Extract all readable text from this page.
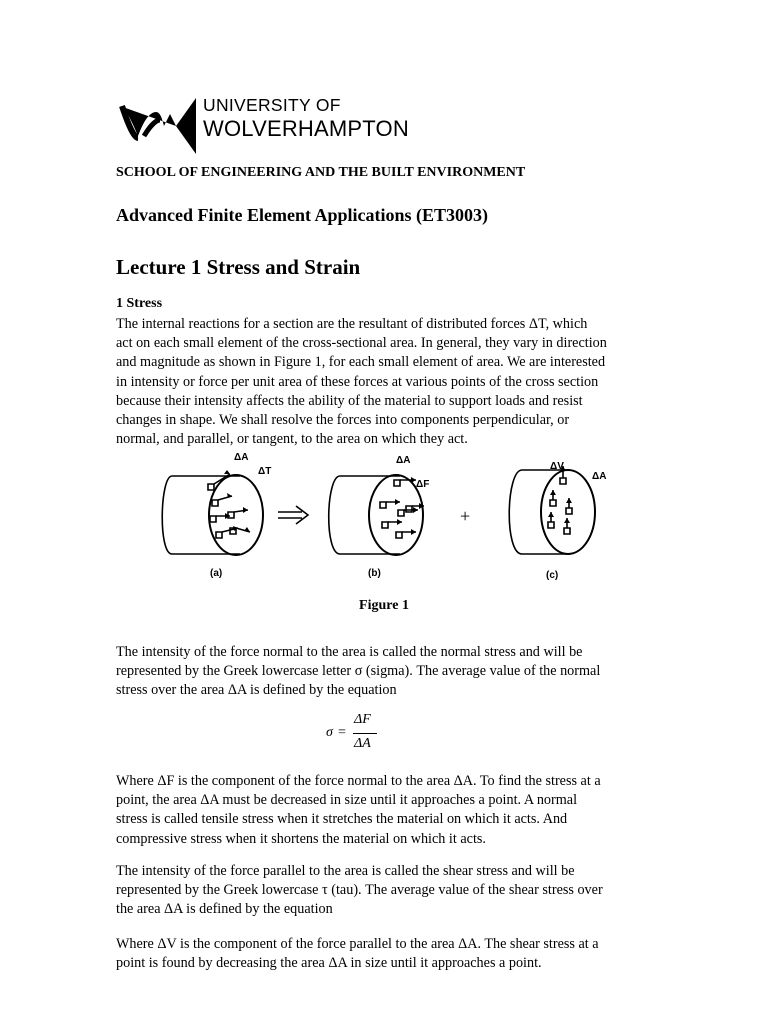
UNIVERSITY OF
WOLVERHAMPTON
SCHOOL OF ENGINEERING AND THE BUILT ENVIRONMENT
Advanced Finite Element Applications (ET3003)
Lecture 1 Stress and Strain
1 Stress
The internal reactions for a section are the resultant of distributed forces ΔT, which
act on each small element of the cross-sectional area. In general, they vary in direction
and magnitude as shown in Figure 1, for each small element of area. We are interested
in intensity or force per unit area of these forces at various points of the cross section
because their intensity affects the ability of the material to support loads and resist
changes in shape. We shall resolve the forces into components perpendicular, or
normal, and parallel, or tangent, to the area on which they act.
ΔA
ΔT
ΔA
ΔF
ΔV
ΔA
(a)	(b)	(c)
+
Figure 1
The intensity of the force normal to the area is called the normal stress and will be
represented by the Greek lowercase letter σ (sigma). The average value of the normal
stress over the area ΔA is defined by the equation
σ =
ΔF
ΔA
Where ΔF is the component of the force normal to the area ΔA. To find the stress at a
point, the area ΔA must be decreased in size until it approaches a point. A normal
stress is called tensile stress when it stretches the material on which it acts. And
compressive stress when it shortens the material on which it acts.
The intensity of the force parallel to the area is called the shear stress and will be
represented by the Greek lowercase τ (tau). The average value of the shear stress over
the area ΔA is defined by the equation
Where ΔV is the component of the force parallel to the area ΔA. The shear stress at a
point is found by decreasing the area ΔA in size until it approaches a point.
